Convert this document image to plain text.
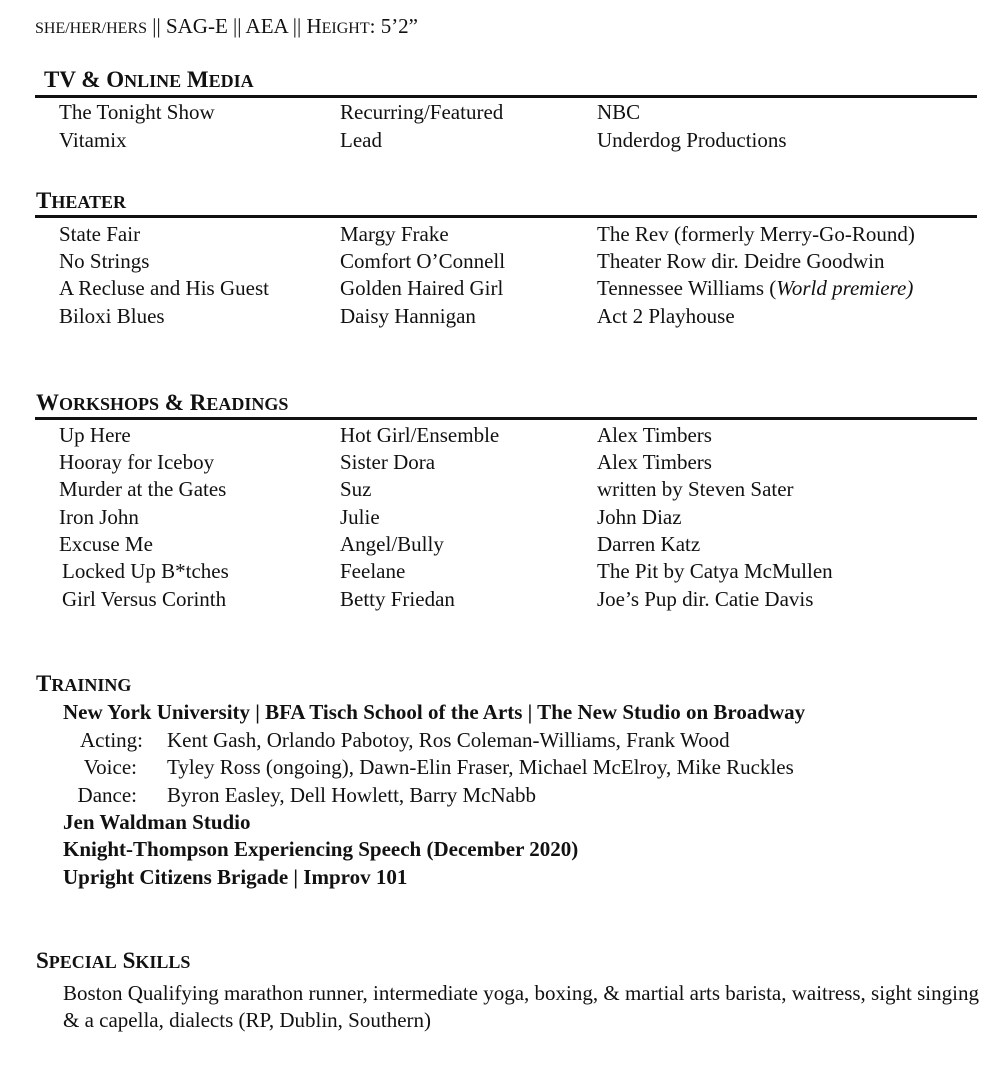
SHE/HER/HERS || SAG-E || AEA || HEIGHT: 5’2”
TV & ONLINE MEDIA
The Tonight Show	Recurring/Featured	NBC
Vitamix	Lead	Underdog Productions
THEATER
State Fair	Margy Frake	The Rev (formerly Merry-Go-Round)
No Strings	Comfort O’Connell	Theater Row dir. Deidre Goodwin
A Recluse and His Guest	Golden Haired Girl	Tennessee Williams (World premiere)
Biloxi Blues	Daisy Hannigan	Act 2 Playhouse
WORKSHOPS & READINGS
Up Here	Hot Girl/Ensemble	Alex Timbers
Hooray for Iceboy	Sister Dora	Alex Timbers
Murder at the Gates	Suz	written by Steven Sater
Iron John	Julie	John Diaz
Excuse Me	Angel/Bully	Darren Katz
Locked Up B*tches	Feelane	The Pit by Catya McMullen
Girl Versus Corinth	Betty Friedan	Joe’s Pup dir. Catie Davis
TRAINING
New York University | BFA Tisch School of the Arts | The New Studio on Broadway
Acting: Kent Gash, Orlando Pabotoy, Ros Coleman-Williams, Frank Wood
Voice: Tyley Ross (ongoing), Dawn-Elin Fraser, Michael McElroy, Mike Ruckles
Dance: Byron Easley, Dell Howlett, Barry McNabb
Jen Waldman Studio
Knight-Thompson Experiencing Speech (December 2020)
Upright Citizens Brigade | Improv 101
SPECIAL SKILLS
Boston Qualifying marathon runner, intermediate yoga, boxing, & martial arts barista, waitress, sight singing & a capella, dialects (RP, Dublin, Southern)
